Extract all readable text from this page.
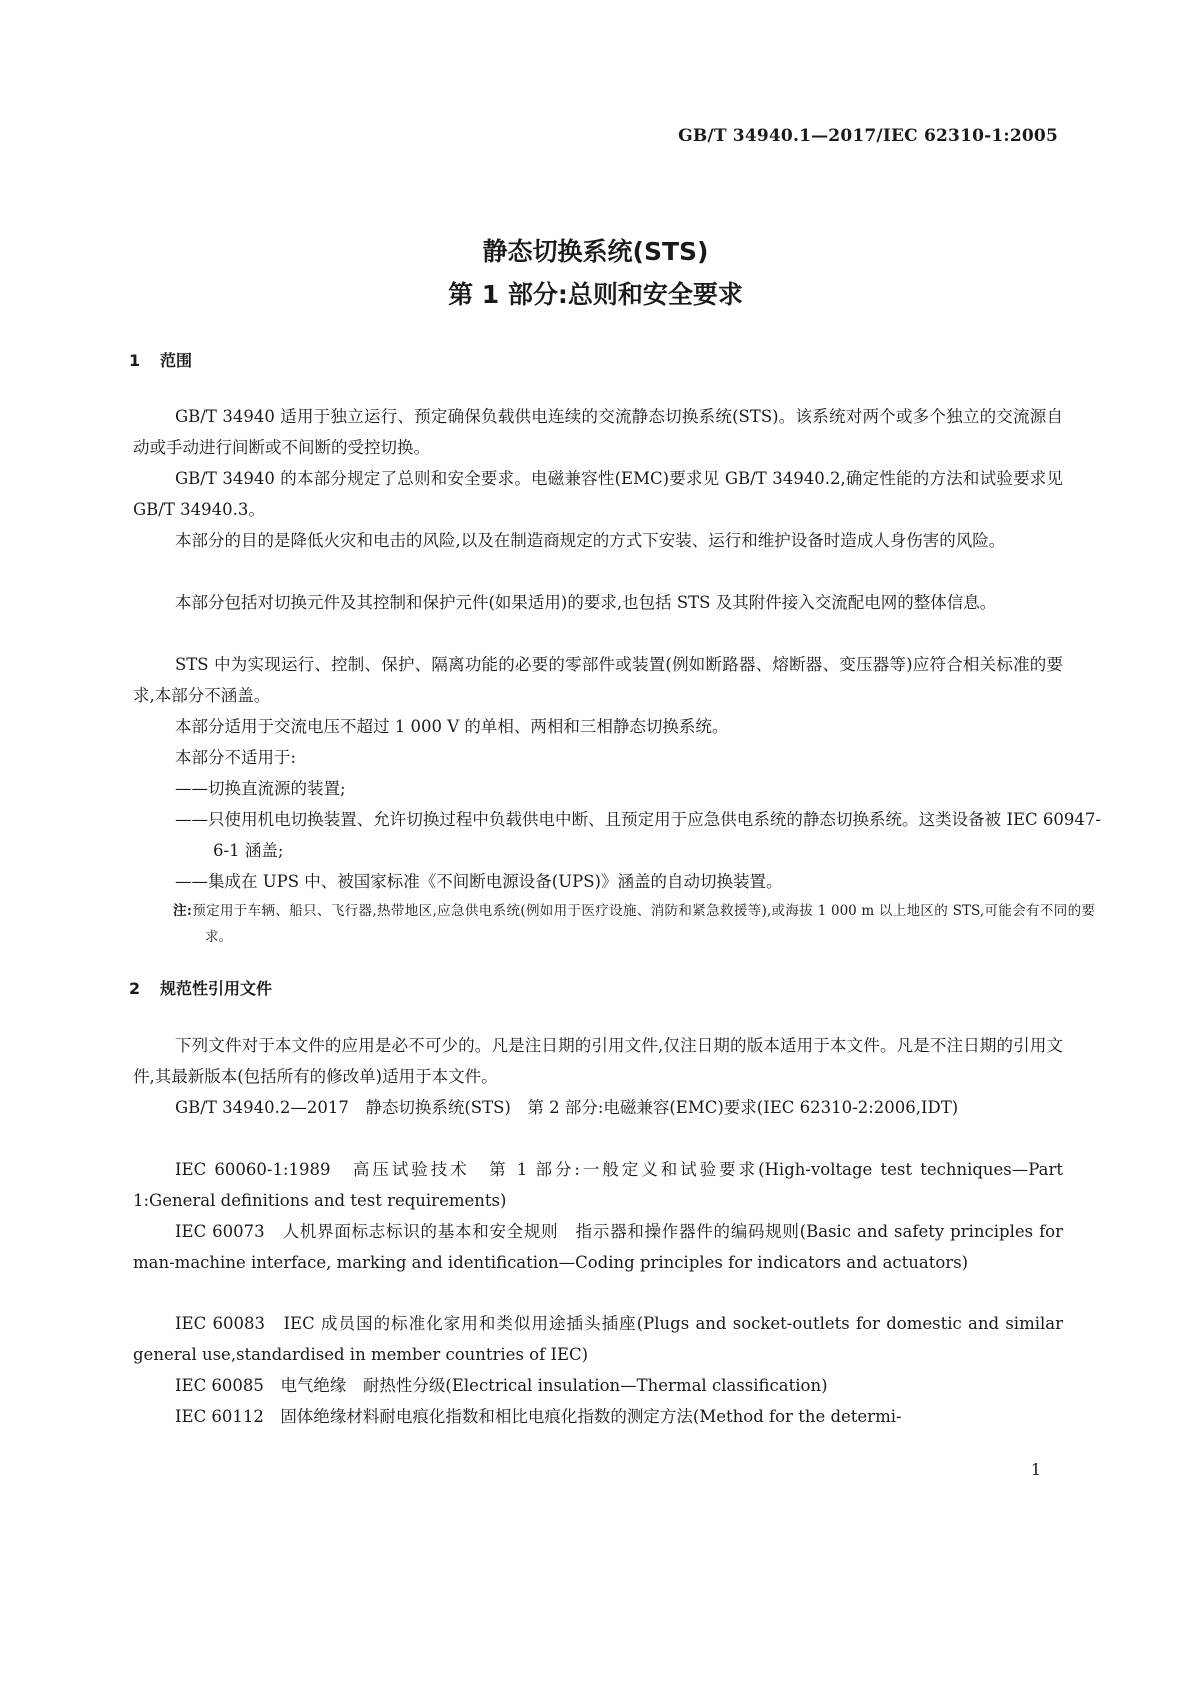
GB/T 34940.1—2017/IEC 62310-1:2005
静态切换系统(STS)
第 1 部分:总则和安全要求
1 范围

GB/T 34940 适用于独立运行、预定确保负载供电连续的交流静态切换系统(STS)。该系统对两个或多个独立的交流源自动或手动进行间断或不间断的受控切换。

GB/T 34940 的本部分规定了总则和安全要求。电磁兼容性(EMC)要求见 GB/T 34940.2,确定性能的方法和试验要求见 GB/T 34940.3。

本部分的目的是降低火灾和电击的风险,以及在制造商规定的方式下安装、运行和维护设备时造成人身伤害的风险。

本部分包括对切换元件及其控制和保护元件(如果适用)的要求,也包括 STS 及其附件接入交流配电网的整体信息。

STS 中为实现运行、控制、保护、隔离功能的必要的零部件或装置(例如断路器、熔断器、变压器等)应符合相关标准的要求,本部分不涵盖。

本部分适用于交流电压不超过 1 000 V 的单相、两相和三相静态切换系统。

本部分不适用于:

——切换直流源的装置;

——只使用机电切换装置、允许切换过程中负载供电中断、且预定用于应急供电系统的静态切换系统。这类设备被 IEC 60947-6-1 涵盖;

——集成在 UPS 中、被国家标准《不间断电源设备(UPS)》涵盖的自动切换装置。

注:预定用于车辆、船只、飞行器,热带地区,应急供电系统(例如用于医疗设施、消防和紧急救援等),或海拔 1 000 m 以上地区的 STS,可能会有不同的要求。

2 规范性引用文件

下列文件对于本文件的应用是必不可少的。凡是注日期的引用文件,仅注日期的版本适用于本文件。凡是不注日期的引用文件,其最新版本(包括所有的修改单)适用于本文件。

GB/T 34940.2—2017　静态切换系统(STS)　第 2 部分:电磁兼容(EMC)要求(IEC 62310-2:2006,IDT)

IEC 60060-1:1989　高压试验技术　第 1 部分:一般定义和试验要求(High-voltage test techniques—Part 1:General definitions and test requirements)

IEC 60073　人机界面标志标识的基本和安全规则　指示器和操作器件的编码规则(Basic and safety principles for man-machine interface, marking and identification—Coding principles for indicators and actuators)

IEC 60083　IEC 成员国的标准化家用和类似用途插头插座(Plugs and socket-outlets for domestic and similar general use,standardised in member countries of IEC)

IEC 60085　电气绝缘　耐热性分级(Electrical insulation—Thermal classification)

IEC 60112　固体绝缘材料耐电痕化指数和相比电痕化指数的测定方法(Method for the determi-

1
